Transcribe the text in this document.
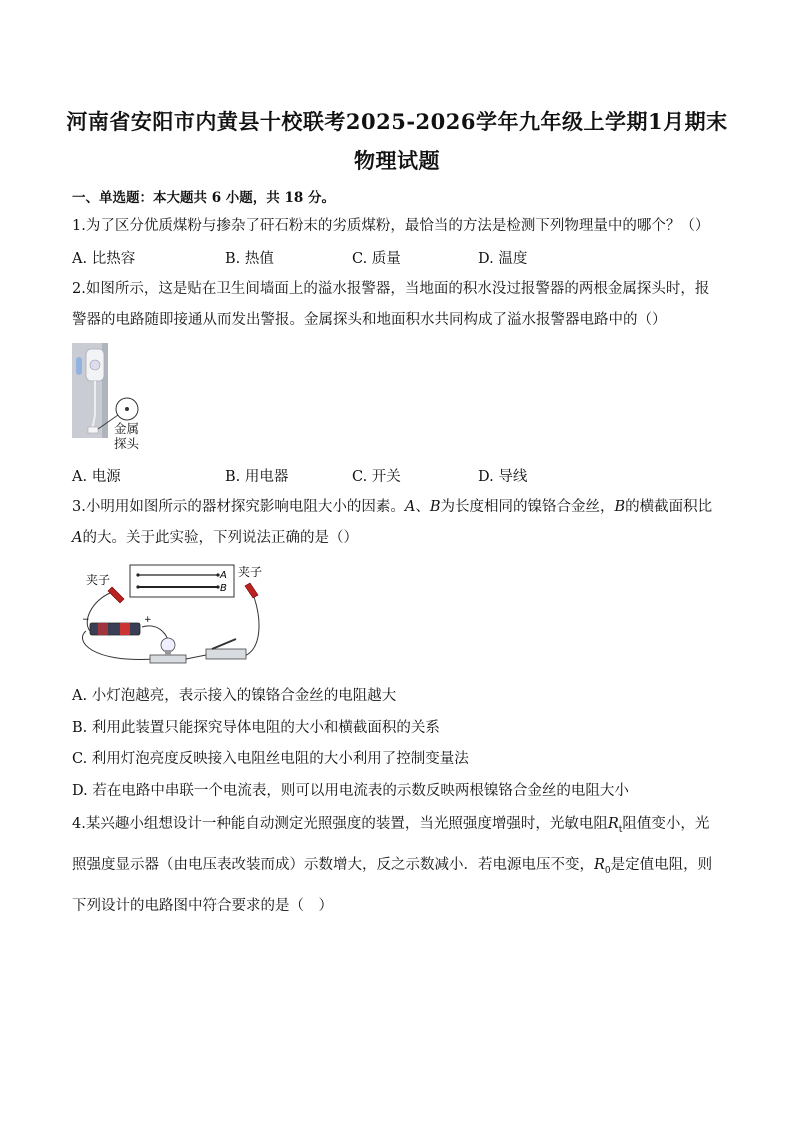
河南省安阳市内黄县十校联考2025-2026学年九年级上学期1月期末
物理试题
一、单选题：本大题共 6 小题，共 18 分。
1.为了区分优质煤粉与掺杂了矸石粉末的劣质煤粉，最恰当的方法是检测下列物理量中的哪个？（）
A. 比热容	B. 热值	C. 质量	D. 温度
2.如图所示，这是贴在卫生间墙面上的溢水报警器，当地面的积水没过报警器的两根金属探头时，报警器的电路随即接通从而发出警报。金属探头和地面积水共同构成了溢水报警器电路中的（）
金属
探头
A. 电源	B. 用电器	C. 开关	D. 导线
3.小明用如图所示的器材探究影响电阻大小的因素。A、B为长度相同的镍铬合金丝，B的横截面积比A的大。关于此实验，下列说法正确的是（）
A
B
夹子
夹子
−	+
A. 小灯泡越亮，表示接入的镍铬合金丝的电阻越大
B. 利用此装置只能探究导体电阻的大小和横截面积的关系
C. 利用灯泡亮度反映接入电阻丝电阻的大小利用了控制变量法
D. 若在电路中串联一个电流表，则可以用电流表的示数反映两根镍铬合金丝的电阻大小
4.某兴趣小组想设计一种能自动测定光照强度的装置，当光照强度增强时，光敏电阻$R_t$阻值变小，光照强度显示器（由电压表改装而成）示数增大，反之示数减小．若电源电压不变，$R_0$是定值电阻，则下列设计的电路图中符合要求的是（　）
